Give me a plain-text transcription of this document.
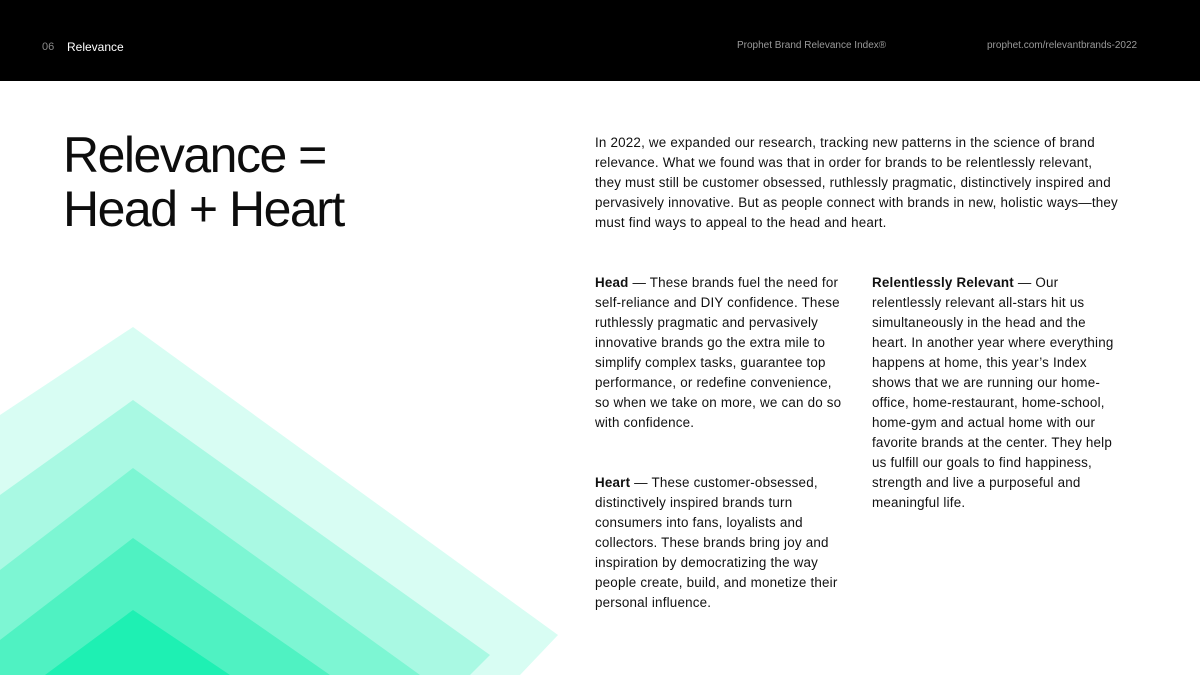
06 Relevance	Prophet Brand Relevance Index®	prophet.com/relevantbrands-2022
Relevance =
Head + Heart

In 2022, we expanded our research, tracking new patterns in the science of brand relevance. What we found was that in order for brands to be relentlessly relevant, they must still be customer obsessed, ruthlessly pragmatic, distinctively inspired and pervasively innovative. But as people connect with brands in new, holistic ways—they must find ways to appeal to the head and heart.

Head — These brands fuel the need for self-reliance and DIY confidence. These ruthlessly pragmatic and pervasively innovative brands go the extra mile to simplify complex tasks, guarantee top performance, or redefine convenience, so when we take on more, we can do so with confidence.

Heart — These customer-obsessed, distinctively inspired brands turn consumers into fans, loyalists and collectors. These brands bring joy and inspiration by democratizing the way people create, build, and monetize their personal influence.

Relentlessly Relevant — Our relentlessly relevant all-stars hit us simultaneously in the head and the heart. In another year where everything happens at home, this year’s Index shows that we are running our home-office, home-restaurant, home-school, home-gym and actual home with our favorite brands at the center. They help us fulfill our goals to find happiness, strength and live a purposeful and meaningful life.
